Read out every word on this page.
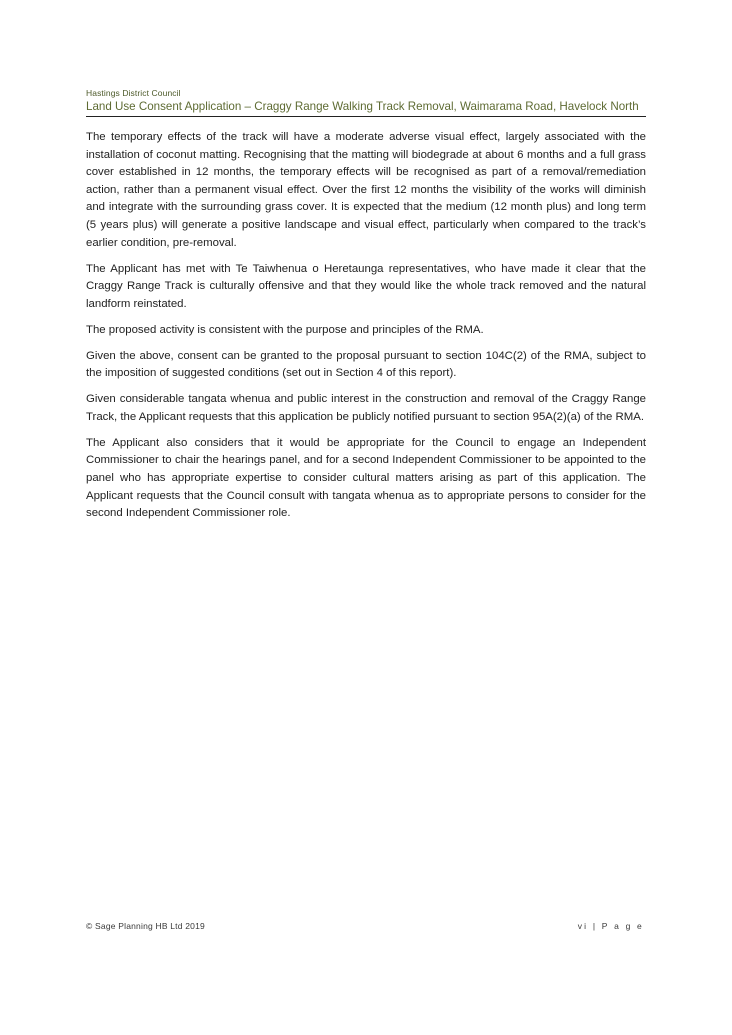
Hastings District Council
Land Use Consent Application – Craggy Range Walking Track Removal, Waimarama Road, Havelock North

The temporary effects of the track will have a moderate adverse visual effect, largely associated with the installation of coconut matting. Recognising that the matting will biodegrade at about 6 months and a full grass cover established in 12 months, the temporary effects will be recognised as part of a removal/remediation action, rather than a permanent visual effect. Over the first 12 months the visibility of the works will diminish and integrate with the surrounding grass cover. It is expected that the medium (12 month plus) and long term (5 years plus) will generate a positive landscape and visual effect, particularly when compared to the track’s earlier condition, pre-removal.

The Applicant has met with Te Taiwhenua o Heretaunga representatives, who have made it clear that the Craggy Range Track is culturally offensive and that they would like the whole track removed and the natural landform reinstated.

The proposed activity is consistent with the purpose and principles of the RMA.

Given the above, consent can be granted to the proposal pursuant to section 104C(2) of the RMA, subject to the imposition of suggested conditions (set out in Section 4 of this report).

Given considerable tangata whenua and public interest in the construction and removal of the Craggy Range Track, the Applicant requests that this application be publicly notified pursuant to section 95A(2)(a) of the RMA.

The Applicant also considers that it would be appropriate for the Council to engage an Independent Commissioner to chair the hearings panel, and for a second Independent Commissioner to be appointed to the panel who has appropriate expertise to consider cultural matters arising as part of this application. The Applicant requests that the Council consult with tangata whenua as to appropriate persons to consider for the second Independent Commissioner role.

© Sage Planning HB Ltd 2019	vi | P a g e
